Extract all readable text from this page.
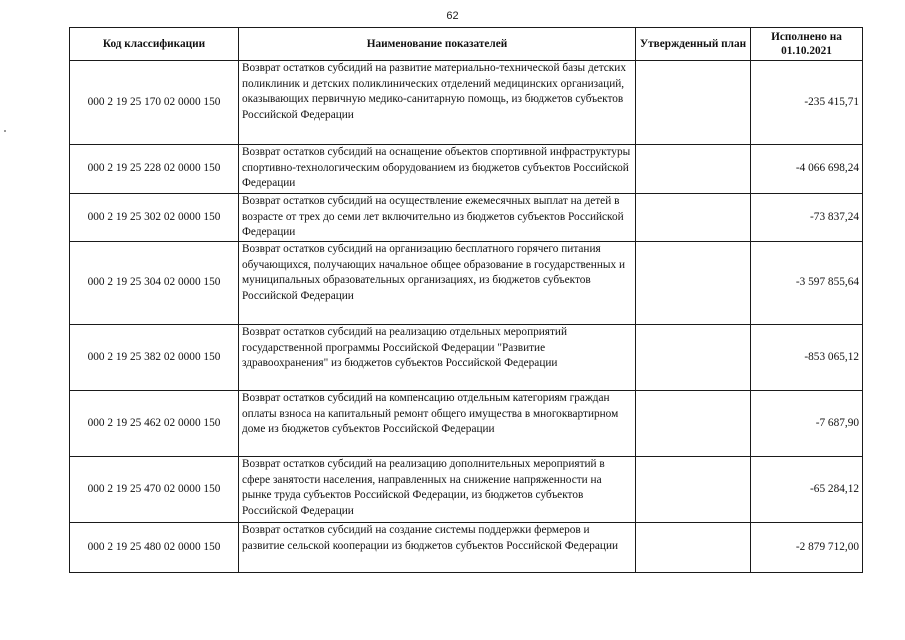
62
Код классификации	Наименование показателей	Утвержденный план	Исполнено на 01.10.2021
000 2 19 25 170 02 0000 150	Возврат остатков субсидий на развитие материально-технической базы детских поликлиник и детских поликлинических отделений медицинских организаций, оказывающих первичную медико-санитарную помощь, из бюджетов субъектов Российской Федерации		-235 415,71
000 2 19 25 228 02 0000 150	Возврат остатков субсидий на оснащение объектов спортивной инфраструктуры спортивно-технологическим оборудованием из бюджетов субъектов Российской Федерации		-4 066 698,24
000 2 19 25 302 02 0000 150	Возврат остатков субсидий на осуществление ежемесячных выплат на детей в возрасте от трех до семи лет включительно из бюджетов субъектов Российской Федерации		-73 837,24
000 2 19 25 304 02 0000 150	Возврат остатков субсидий на организацию бесплатного горячего питания обучающихся, получающих начальное общее образование в государственных и муниципальных образовательных организациях, из бюджетов субъектов Российской Федерации		-3 597 855,64
000 2 19 25 382 02 0000 150	Возврат остатков субсидий на реализацию отдельных мероприятий государственной программы Российской Федерации "Развитие здравоохранения" из бюджетов субъектов Российской Федерации		-853 065,12
000 2 19 25 462 02 0000 150	Возврат остатков субсидий на компенсацию отдельным категориям граждан оплаты взноса на капитальный ремонт общего имущества в многоквартирном доме из бюджетов субъектов Российской Федерации		-7 687,90
000 2 19 25 470 02 0000 150	Возврат остатков субсидий на реализацию дополнительных мероприятий в сфере занятости населения, направленных на снижение напряженности на рынке труда субъектов Российской Федерации, из бюджетов субъектов Российской Федерации		-65 284,12
000 2 19 25 480 02 0000 150	Возврат остатков субсидий на создание системы поддержки фермеров и развитие сельской кооперации из бюджетов субъектов Российской Федерации		-2 879 712,00
